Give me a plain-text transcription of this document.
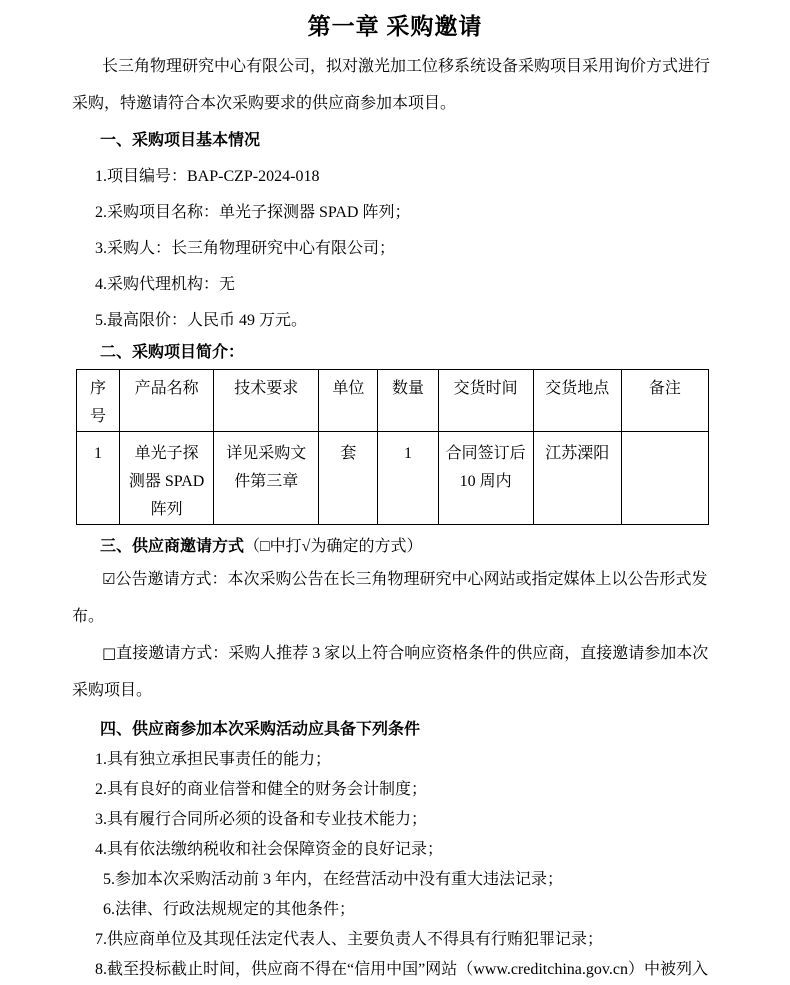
第一章 采购邀请

长三角物理研究中心有限公司，拟对激光加工位移系统设备采购项目采用询价方式进行采购，特邀请符合本次采购要求的供应商参加本项目。

一、采购项目基本情况
1.项目编号：BAP-CZP-2024-018
2.采购项目名称：单光子探测器 SPAD 阵列；
3.采购人：长三角物理研究中心有限公司；
4.采购代理机构：无
5.最高限价：人民币 49 万元。
二、采购项目简介：
序号	产品名称	技术要求	单位	数量	交货时间	交货地点	备注
1	单光子探 测器 SPAD 阵列	详见采购文 件第三章	套	1	合同签订后 10 周内	江苏溧阳	
三、供应商邀请方式（□中打√为确定的方式）

☑公告邀请方式：本次采购公告在长三角物理研究中心网站或指定媒体上以公告形式发布。

□直接邀请方式：采购人推荐 3 家以上符合响应资格条件的供应商，直接邀请参加本次采购项目。

四、供应商参加本次采购活动应具备下列条件
1.具有独立承担民事责任的能力；
2.具有良好的商业信誉和健全的财务会计制度；
3.具有履行合同所必须的设备和专业技术能力；
4.具有依法缴纳税收和社会保障资金的良好记录；
5.参加本次采购活动前 3 年内，在经营活动中没有重大违法记录；
6.法律、行政法规规定的其他条件；
7.供应商单位及其现任法定代表人、主要负责人不得具有行贿犯罪记录；
8.截至投标截止时间，供应商不得在“信用中国”网站（www.creditchina.gov.cn）中被列入
